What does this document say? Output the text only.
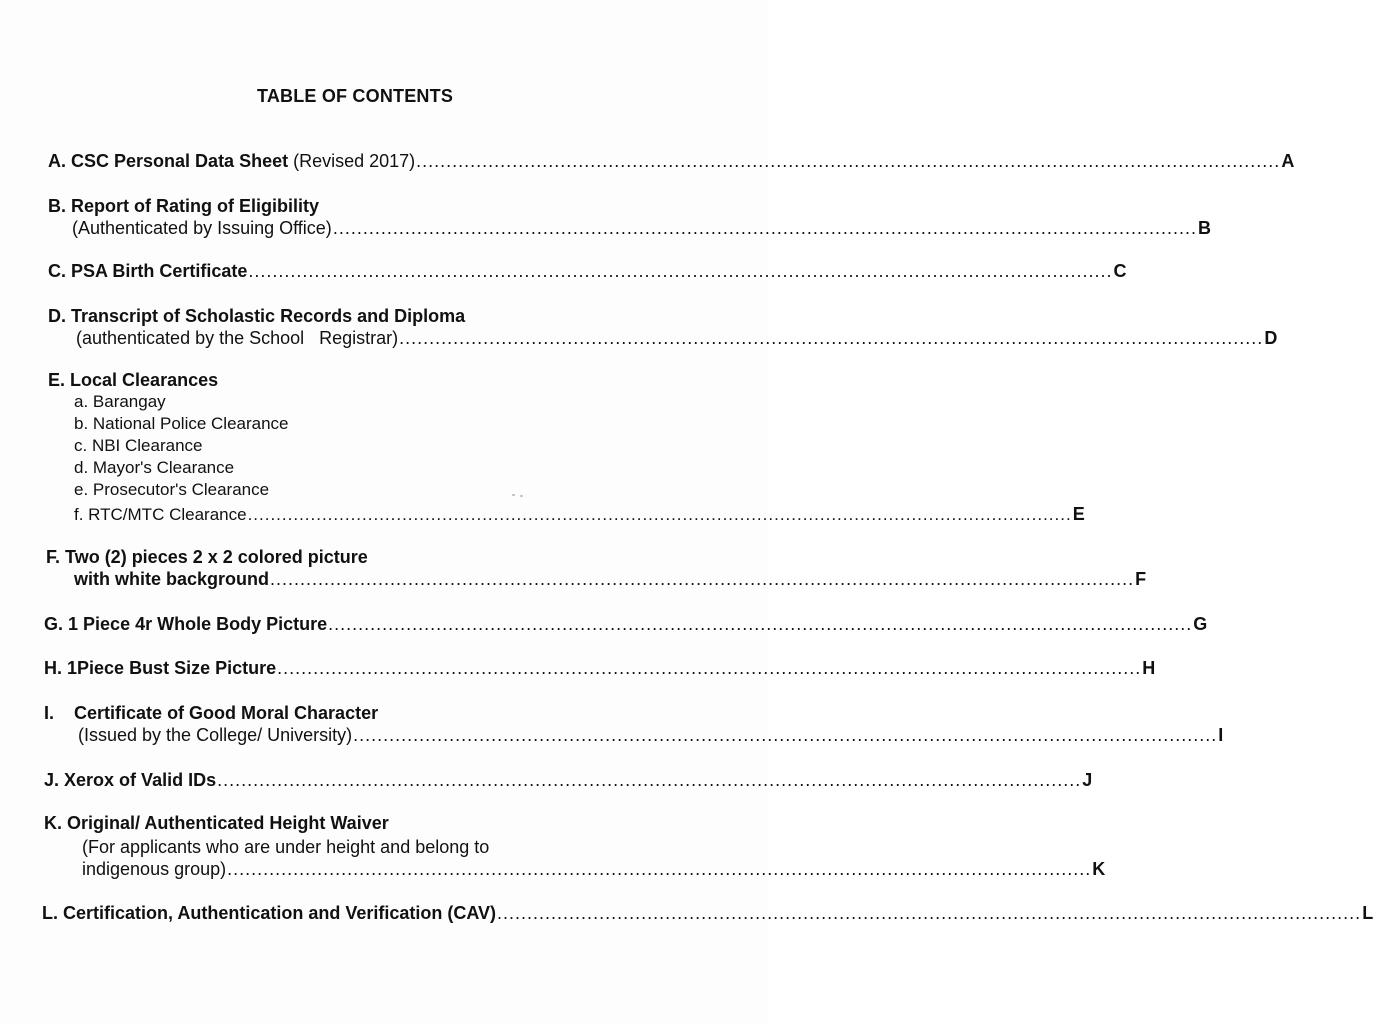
TABLE OF CONTENTS
A.
CSC Personal Data Sheet
(Revised 2017) ................................................................................................................................................ A
B. Report of Rating of Eligibility
(Authenticated by Issuing Office) ................................................................................................................................................ B
C.
PSA Birth Certificate ................................................................................................................................................ C
D. Transcript of Scholastic Records and Diploma
(authenticated by the School   Registrar) ................................................................................................................................................ D
E. Local Clearances
a. Barangay
b. National Police Clearance
c. NBI Clearance
d. Mayor's Clearance
e. Prosecutor's Clearance
f. RTC/MTC Clearance ................................................................................................................................................ E
F. Two (2) pieces 2 x 2 colored picture
with white background ................................................................................................................................................ F
G.
1 Piece 4r Whole Body Picture ................................................................................................................................................ G
H.
1Piece Bust Size Picture ................................................................................................................................................ H
I. Certificate of Good Moral Character
(Issued by the College/ University) ................................................................................................................................................ I
J.
Xerox of Valid IDs ................................................................................................................................................ J
K. Original/ Authenticated Height Waiver
(For applicants who are under height and belong to
indigenous group) ................................................................................................................................................ K
L.
Certification, Authentication and Verification (CAV) ................................................................................................................................................ L
